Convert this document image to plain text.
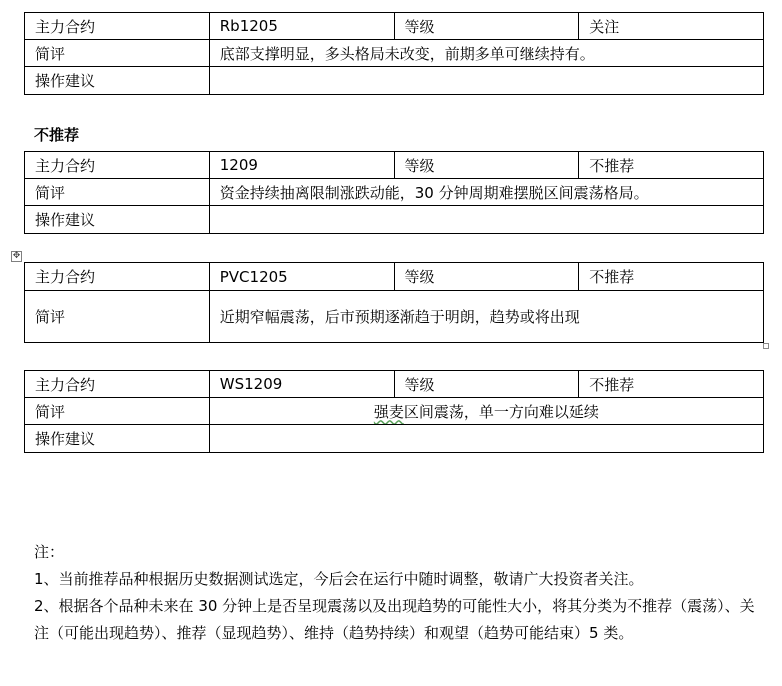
主力合约	Rb1205	等级	关注
简评	底部支撑明显，多头格局未改变，前期多单可继续持有。		
操作建议			

不推荐

主力合约	1209	等级	不推荐
简评	资金持续抽离限制涨跌动能，30 分钟周期难摆脱区间震荡格局。		
操作建议			
✥
主力合约	PVC1205	等级	不推荐
简评	近期窄幅震荡，后市预期逐渐趋于明朗，趋势或将出现		
主力合约	WS1209	等级	不推荐
简评	强麦区间震荡，单一方向难以延续		
操作建议			

注：

1、当前推荐品种根据历史数据测试选定，今后会在运行中随时调整，敬请广大投资者关注。

2、根据各个品种未来在 30 分钟上是否呈现震荡以及出现趋势的可能性大小，将其分类为不推荐（震荡）、关注（可能出现趋势）、推荐（显现趋势）、维持（趋势持续）和观望（趋势可能结束）5 类。
